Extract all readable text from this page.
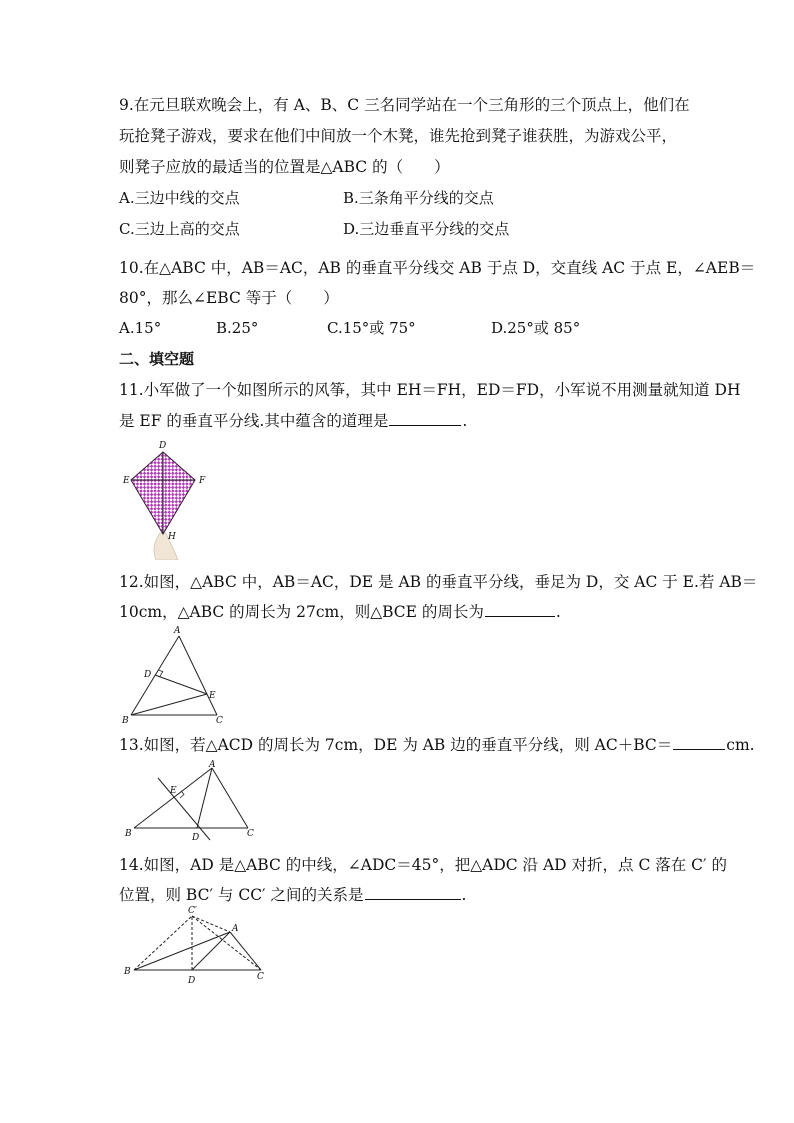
9.在元旦联欢晚会上，有 A、B、C 三名同学站在一个三角形的三个顶点上，他们在
玩抢凳子游戏，要求在他们中间放一个木凳，谁先抢到凳子谁获胜，为游戏公平，
则凳子应放的最适当的位置是△ABC 的（　　）
A.三边中线的交点	B.三条角平分线的交点
C.三边上高的交点	D.三边垂直平分线的交点
10.在△ABC 中，AB＝AC，AB 的垂直平分线交 AB 于点 D，交直线 AC 于点 E，∠AEB＝
80°，那么∠EBC 等于（　　）
A.15°	B.25°	C.15°或 75°	D.25°或 85°
二、填空题
11.小军做了一个如图所示的风筝，其中 EH＝FH，ED＝FD，小军说不用测量就知道 DH
是 EF 的垂直平分线.其中蕴含的道理是	.
D
E	F
H
12.如图，△ABC 中，AB＝AC，DE 是 AB 的垂直平分线，垂足为 D，交 AC 于 E.若 AB＝
10cm，△ABC 的周长为 27cm，则△BCE 的周长为	.
A
D
E
B	C
13.如图，若△ACD 的周长为 7cm，DE 为 AB 边的垂直平分线，则 AC＋BC＝	cm.
A
E
B	D	C
14.如图，AD 是△ABC 的中线，∠ADC＝45°，把△ADC 沿 AD 对折，点 C 落在 C′ 的
位置，则 BC′ 与 CC′ 之间的关系是	.
C′
A
B
D	C
